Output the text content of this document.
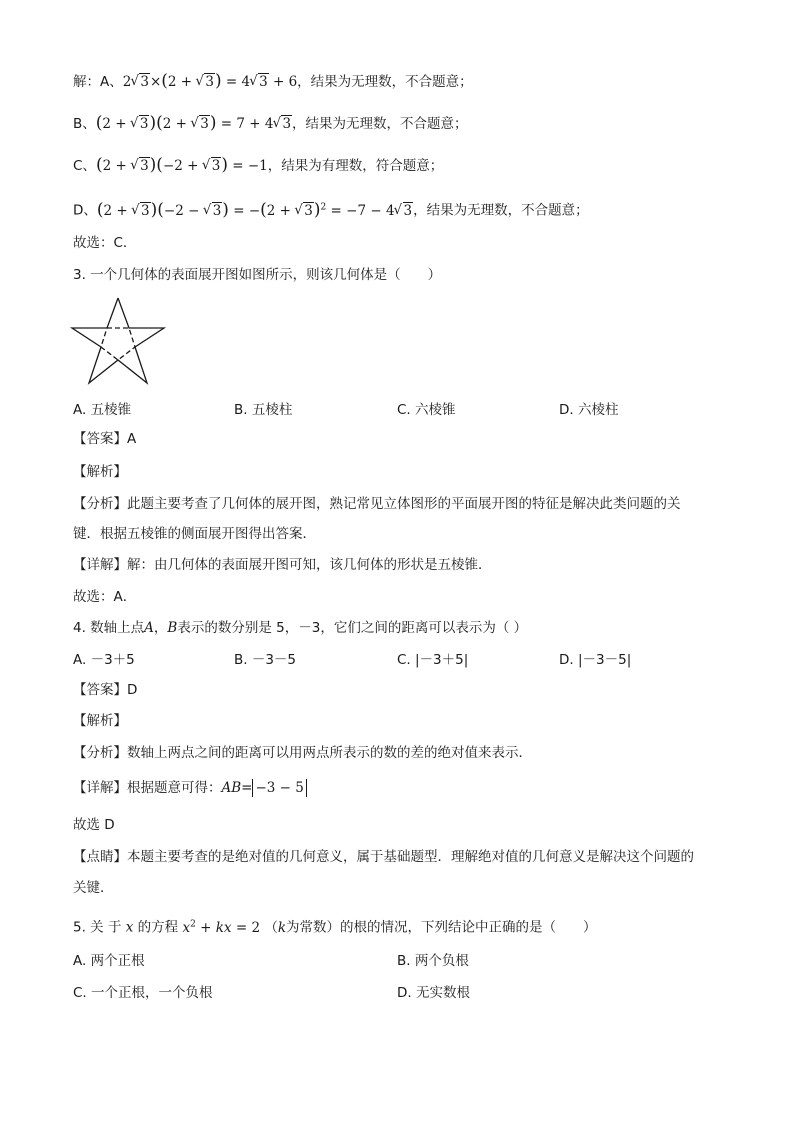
解：A、2 √ 3×(2 + √ 3) = 4 √ 3 + 6，结果为无理数，不合题意；
B、(2 + √ 3)(2 + √ 3) = 7 + 4 √ 3，结果为无理数，不合题意；
C、(2 + √ 3)(−2 + √ 3) = −1，结果为有理数，符合题意；
D、(2 + √ 3)(−2 − √ 3) = −(2 + √ 3)$^2$ = −7 − 4 √ 3，结果为无理数，不合题意；
故选：C．
3. 一个几何体的表面展开图如图所示，则该几何体是（　　）
A. 五棱锥	B. 五棱柱	C. 六棱锥	D. 六棱柱
【答案】A
【解析】
【分析】此题主要考查了几何体的展开图，熟记常见立体图形的平面展开图的特征是解决此类问题的关
键．根据五棱锥的侧面展开图得出答案．
【详解】解：由几何体的表面展开图可知，该几何体的形状是五棱锥．
故选：A．
4. 数轴上点A，B表示的数分别是 5，－3，它们之间的距离可以表示为（ ）
A. －3＋5	B. －3－5	C. |－3＋5|	D. |－3－5|
【答案】D
【解析】
【分析】数轴上两点之间的距离可以用两点所表示的数的差的绝对值来表示．
【详解】根据题意可得：AB= −3 − 5
故选 D
【点睛】本题主要考查的是绝对值的几何意义，属于基础题型．理解绝对值的几何意义是解决这个问题的
关键．
5. 关 于 x 的方程 $x^2$ + kx = 2 （k为常数）的根的情况，下列结论中正确的是（　　）
A. 两个正根	B. 两个负根
C. 一个正根，一个负根	D. 无实数根
